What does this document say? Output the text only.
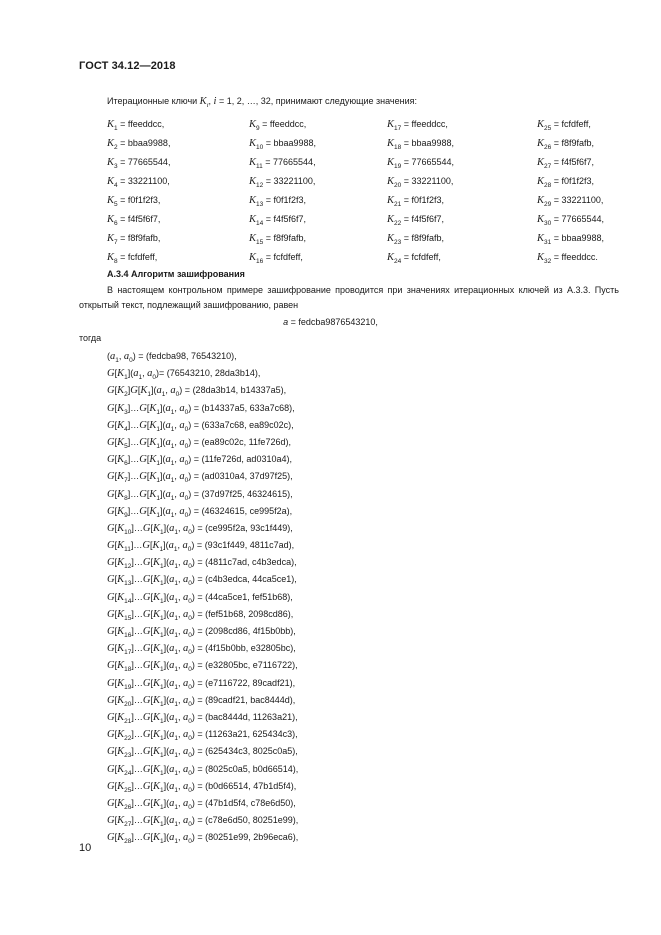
ГОСТ 34.12—2018
Итерационные ключи $K_i$, i = 1, 2, …, 32, принимают следующие значения:
$K_1$ = ffeeddcc,
$K_2$ = bbaa9988,
$K_3 = 77665544$,
$K_4 = 33221100$,
$K_5 = f0f1f2f3$,
$K_6 = f4f5f6f7$,
$K_7$ = f8f9fafb,
$K_8$ = fcfdfeff,
$K_9$ = ffeeddcc,
$K_{10}$ = bbaa9988,
$K_{11} = 77665544$,
$K_{12} = 33221100$,
$K_{13} = f0f1f2f3$,
$K_{14} = f4f5f6f7$,
$K_{15}$ = f8f9fafb,
$K_{16}$ = fcfdfeff,
$K_{17}$ = ffeeddcc,
$K_{18}$ = bbaa9988,
$K_{19} = 77665544$,
$K_{20} = 33221100$,
$K_{21} = f0f1f2f3$,
$K_{22} = f4f5f6f7$,
$K_{23}$ = f8f9fafb,
$K_{24}$ = fcfdfeff,
$K_{25}$ = fcfdfeff,
$K_{26}$ = f8f9fafb,
$K_{27} = f4f5f6f7$,
$K_{28} = f0f1f2f3$,
$K_{29} = 33221100$,
$K_{30} = 77665544$,
$K_{31}$ = bbaa9988,
$K_{32}$ = ffeeddcc.
А.3.4 Алгоритм зашифрования
В настоящем контрольном примере зашифрование проводится при значениях итерационных ключей из А.3.3. Пусть открытый текст, подлежащий зашифрованию, равен
a = fedcba9876543210,
тогда
($a_1$, $a_0$) = (fedcba98, 76543210),
$G[K_1](a_1$, $a_0)= (76543210$, 28da3b14),
$G[K_2]G[K_1](a_1$, $a_0) = (28da3b14$, b14337a5),
$G[K_3]\dots G[K_1](a_1$, $a_0) = (b14337a5$, 633a7c68),
$G[K_4]\dots G[K_1](a_1$, $a_0) = (633a7c68$, ea89c02c),
$G[K_5]\dots G[K_1](a_1$, $a_0) = (ea89c02c$, 11fe726d),
$G[K_6]\dots G[K_1](a_1$, $a_0) = (11fe726d$, ad0310a4),
$G[K_7]\dots G[K_1](a_1$, $a_0) = (ad0310a4$, 37d97f25),
$G[K_8]\dots G[K_1](a_1$, $a_0) = (37d97f25$, 46324615),
$G[K_9]\dots G[K_1](a_1$, $a_0) = (46324615$, ce995f2a),
$G[K_{10}]\dots G[K_1](a_1$, $a_0) = (ce995f2a$, 93c1f449),
$G[K_{11}]\dots G[K_1](a_1$, $a_0) = (93c1f449$, 4811c7ad),
$G[K_{12}]\dots G[K_1](a_1$, $a_0) = (4811c7ad$, c4b3edca),
$G[K_{13}]\dots G[K_1](a_1$, $a_0$) = (c4b3edca, 44ca5ce1),
$G[K_{14}]\dots G[K_1](a_1$, $a_0) = (44ca5ce1$, fef51b68),
$G[K_{15}]\dots G[K_1](a_1$, $a_0) = (fef51b68$, 2098cd86),
$G[K_{16}]\dots G[K_1](a_1$, $a_0) = (2098cd86$, 4f15b0bb),
$G[K_{17}]\dots G[K_1](a_1$, $a_0) = (4f15b0bb$, e32805bc),
$G[K_{18}]\dots G[K_1](a_1$, $a_0) = (e32805bc$, e7116722),
$G[K_{19}]\dots G[K_1](a_1$, $a_0) = (e7116722$, 89cadf21),
$G[K_{20}]\dots G[K_1](a_1$, $a_0$) = (89cadf21, bac8444d),
$G[K_{21}]\dots G[K_1](a_1$, $a_0) = (bac8444d$, 11263a21),
$G[K_{22}]\dots G[K_1](a_1$, $a_0) = (11263a21$, 625434c3),
$G[K_{23}]\dots G[K_1](a_1$, $a_0) = (625434c3$, 8025c0a5),
$G[K_{24}]\dots G[K_1](a_1$, $a_0) = (8025c0a5$, b0d66514),
$G[K_{25}]\dots G[K_1](a_1$, $a_0) = (b0d66514$, 47b1d5f4),
$G[K_{26}]\dots G[K_1](a_1$, $a_0) = (47b1d5f4$, c78e6d50),
$G[K_{27}]\dots G[K_1](a_1$, $a_0) = (c78e6d50$, 80251e99),
$G[K_{28}]\dots G[K_1](a_1$, $a_0) = (80251e99$, 2b96eca6),
10
